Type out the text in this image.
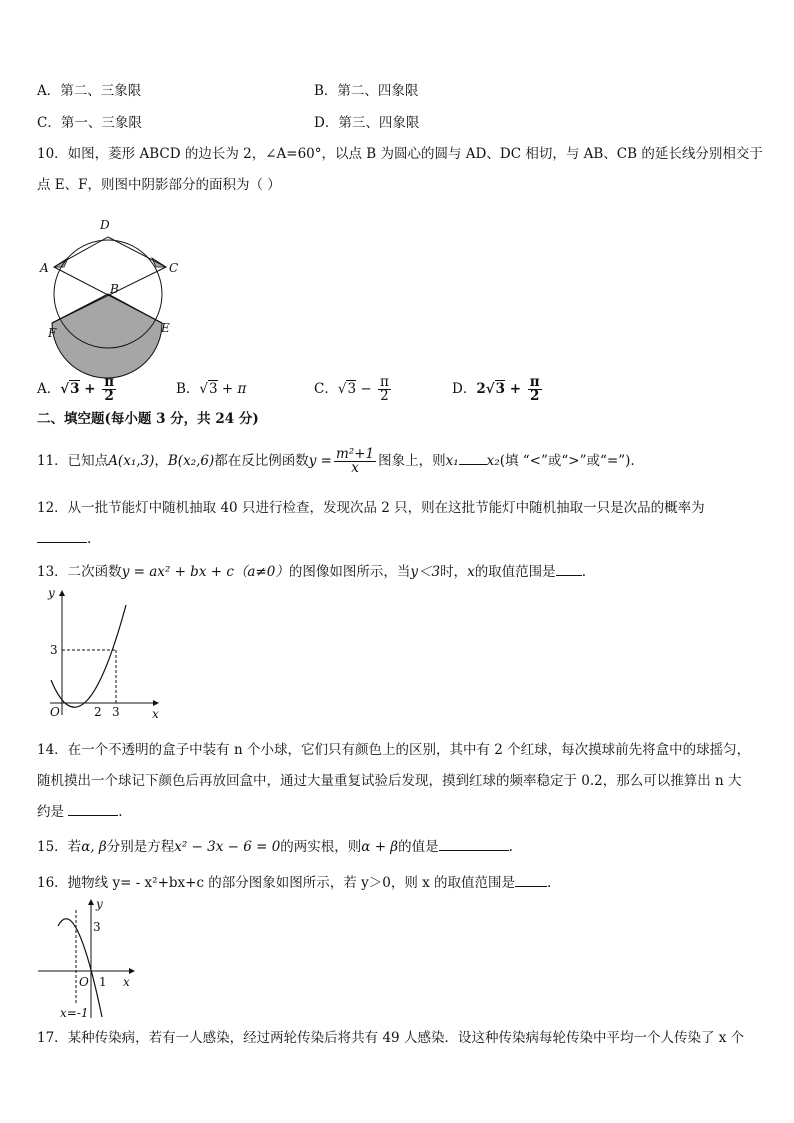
A．第二、三象限	B．第二、四象限
C．第一、三象限	D．第三、四象限
10．如图，菱形 ABCD 的边长为 2，∠A=60°，以点 B 为圆心的圆与 AD、DC 相切，与 AB、CB 的延长线分别相交于
点 E、F，则图中阴影部分的面积为（ ）
D
A	C
B
F	E
A．$√3 + \frac{\pi}{2}$	B．√3 + π	C．$√3 - \frac{\pi}{2}$	D．$2√3 + \frac{\pi}{2}$
二、填空题(每小题 3 分，共 24 分)
11．已知点A(x₁,3)，B(x₂,6)都在反比例函数$y = \frac{\text{m²+1}}{x}$ 图象上，则x₁ x₂(填 “<”或“>”或“=”).
12．从一批节能灯中随机抽取 40 只进行检查，发现次品 2 只，则在这批节能灯中随机抽取一只是次品的概率为
.
13．二次函数y = ax² + bx + c（a≠0）的图像如图所示，当y＜3时，x的取值范围是 .
y
3
O	2 3	x
14．在一个不透明的盒子中装有 n 个小球，它们只有颜色上的区别，其中有 2 个红球，每次摸球前先将盒中的球摇匀，
随机摸出一个球记下颜色后再放回盒中，通过大量重复试验后发现，摸到红球的频率稳定于 0.2，那么可以推算出 n 大
约是	.
15．若α, β分别是方程x² − 3x − 6 = 0的两实根，则α + β的值是	.
16．抛物线 y= - x²+bx+c 的部分图象如图所示，若 y＞0，则 x 的取值范围是 .
y
3
O 1 x
x=-1
17．某种传染病，若有一人感染，经过两轮传染后将共有 49 人感染．设这种传染病每轮传染中平均一个人传染了 x 个
